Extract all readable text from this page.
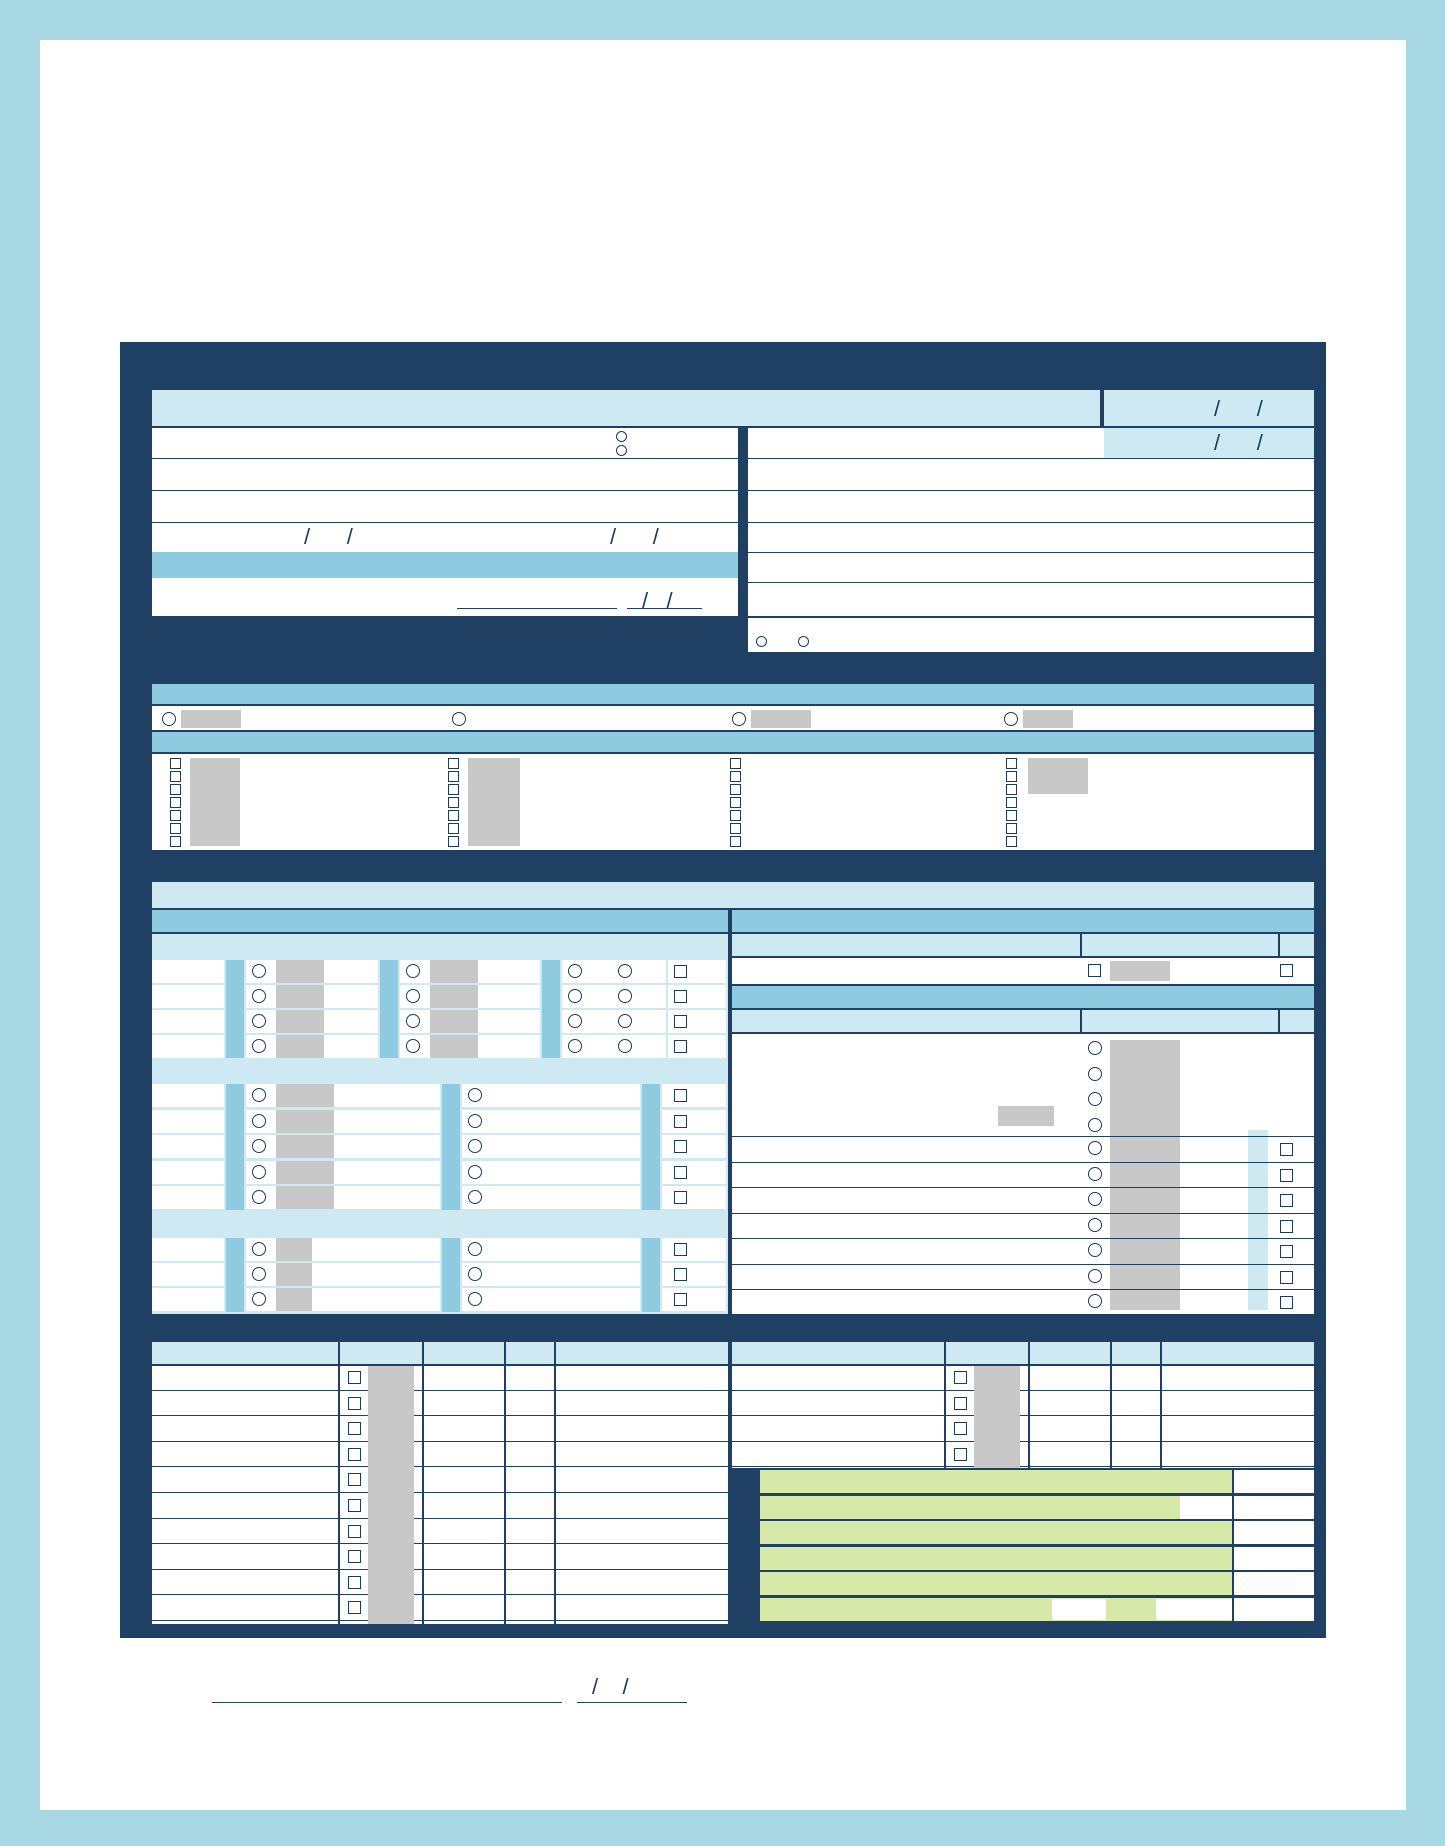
/      /
/      /	/      /
/   /
/      /

/    /
